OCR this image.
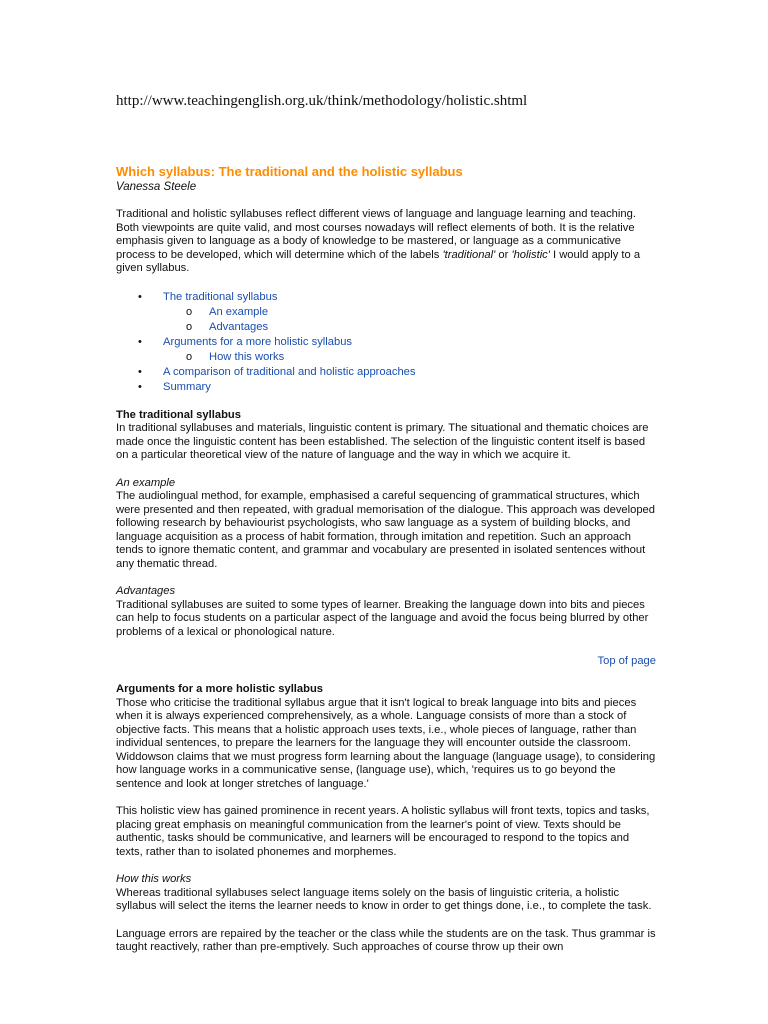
http://www.teachingenglish.org.uk/think/methodology/holistic.shtml
Which syllabus: The traditional and the holistic syllabus
Vanessa Steele

Traditional and holistic syllabuses reflect different views of language and language learning and teaching. Both viewpoints are quite valid, and most courses nowadays will reflect elements of both. It is the relative emphasis given to language as a body of knowledge to be mastered, or language as a communicative process to be developed, which will determine which of the labels 'traditional' or 'holistic' I would apply to a given syllabus.

• The traditional syllabus
o An example
o Advantages
• Arguments for a more holistic syllabus
o How this works
• A comparison of traditional and holistic approaches
• Summary
The traditional syllabus

In traditional syllabuses and materials, linguistic content is primary. The situational and thematic choices are made once the linguistic content has been established. The selection of the linguistic content itself is based on a particular theoretical view of the nature of language and the way in which we acquire it.

An example

The audiolingual method, for example, emphasised a careful sequencing of grammatical structures, which were presented and then repeated, with gradual memorisation of the dialogue. This approach was developed following research by behaviourist psychologists, who saw language as a system of building blocks, and language acquisition as a process of habit formation, through imitation and repetition. Such an approach tends to ignore thematic content, and grammar and vocabulary are presented in isolated sentences without any thematic thread.

Advantages

Traditional syllabuses are suited to some types of learner. Breaking the language down into bits and pieces can help to focus students on a particular aspect of the language and avoid the focus being blurred by other problems of a lexical or phonological nature.

Top of page
Arguments for a more holistic syllabus

Those who criticise the traditional syllabus argue that it isn't logical to break language into bits and pieces when it is always experienced comprehensively, as a whole. Language consists of more than a stock of objective facts. This means that a holistic approach uses texts, i.e., whole pieces of language, rather than individual sentences, to prepare the learners for the language they will encounter outside the classroom. Widdowson claims that we must progress form learning about the language (language usage), to considering how language works in a communicative sense, (language use), which, 'requires us to go beyond the sentence and look at longer stretches of language.'

This holistic view has gained prominence in recent years. A holistic syllabus will front texts, topics and tasks, placing great emphasis on meaningful communication from the learner's point of view. Texts should be authentic, tasks should be communicative, and learners will be encouraged to respond to the topics and texts, rather than to isolated phonemes and morphemes.

How this works

Whereas traditional syllabuses select language items solely on the basis of linguistic criteria, a holistic syllabus will select the items the learner needs to know in order to get things done, i.e., to complete the task.

Language errors are repaired by the teacher or the class while the students are on the task. Thus grammar is taught reactively, rather than pre-emptively. Such approaches of course throw up their own
